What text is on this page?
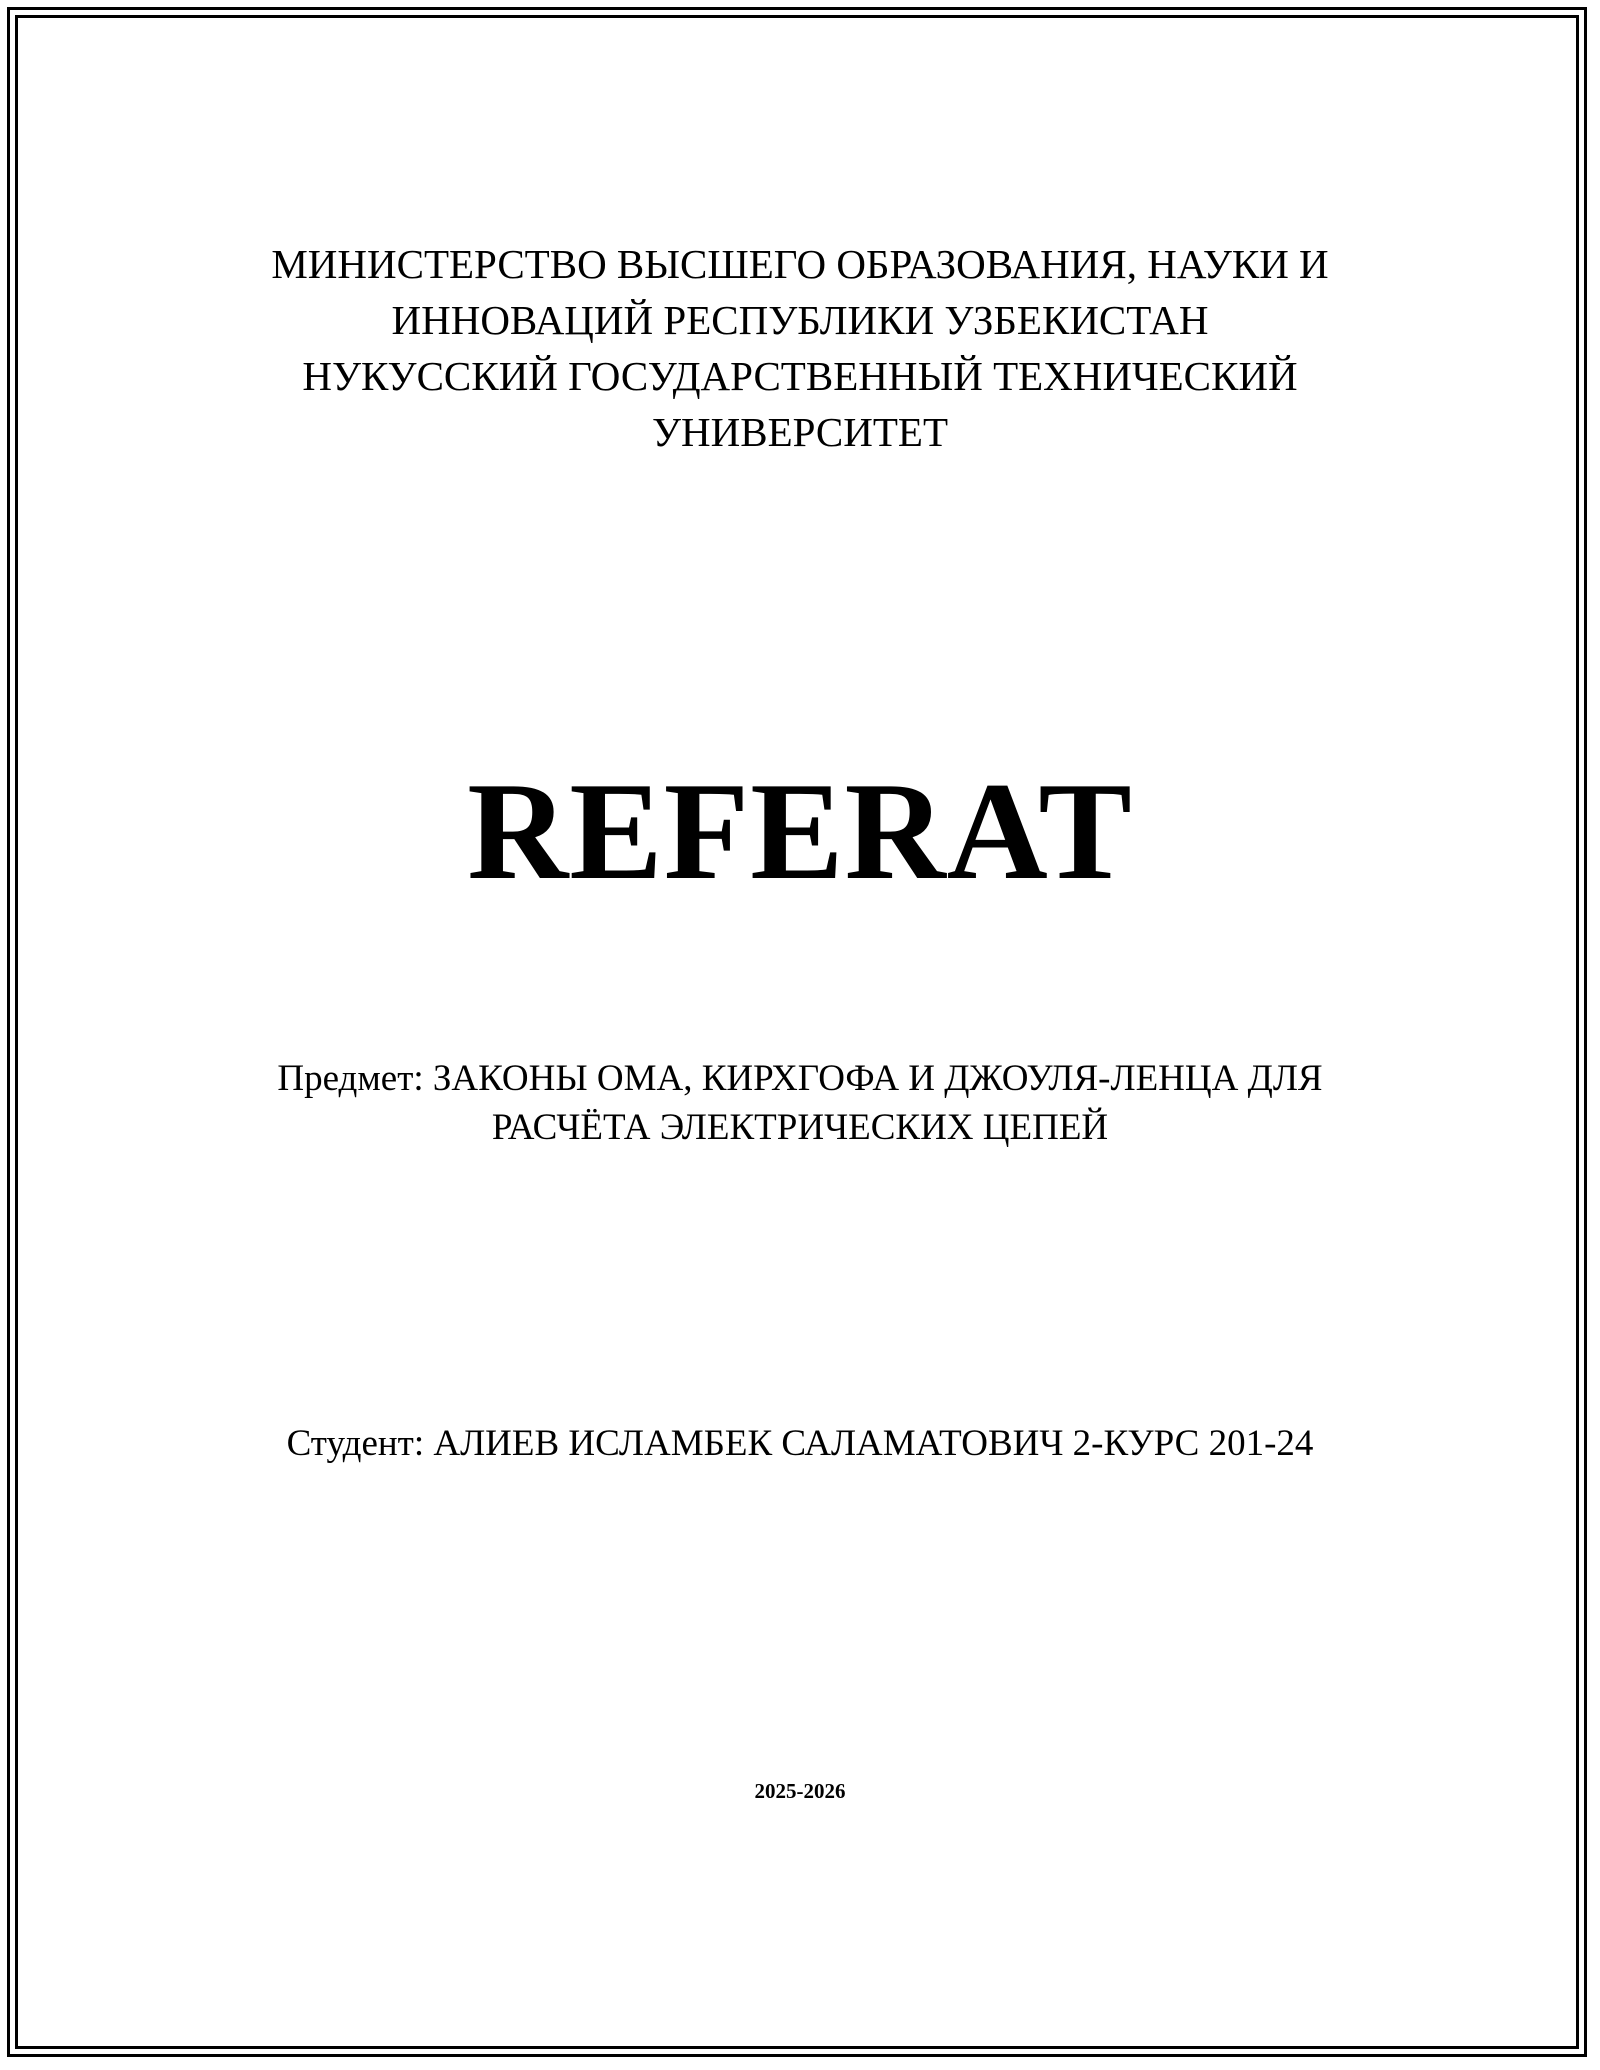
МИНИСТЕРСТВО ВЫСШЕГО ОБРАЗОВАНИЯ, НАУКИ И
ИННОВАЦИЙ РЕСПУБЛИКИ УЗБЕКИСТАН
НУКУССКИЙ ГОСУДАРСТВЕННЫЙ ТЕХНИЧЕСКИЙ
УНИВЕРСИТЕТ
REFERAT
Предмет: ЗАКОНЫ ОМА, КИРХГОФА И ДЖОУЛЯ-ЛЕНЦА ДЛЯ
РАСЧЁТА ЭЛЕКТРИЧЕСКИХ ЦЕПЕЙ
Студент: АЛИЕВ ИСЛАМБЕК САЛАМАТОВИЧ 2-КУРС 201-24
2025-2026
